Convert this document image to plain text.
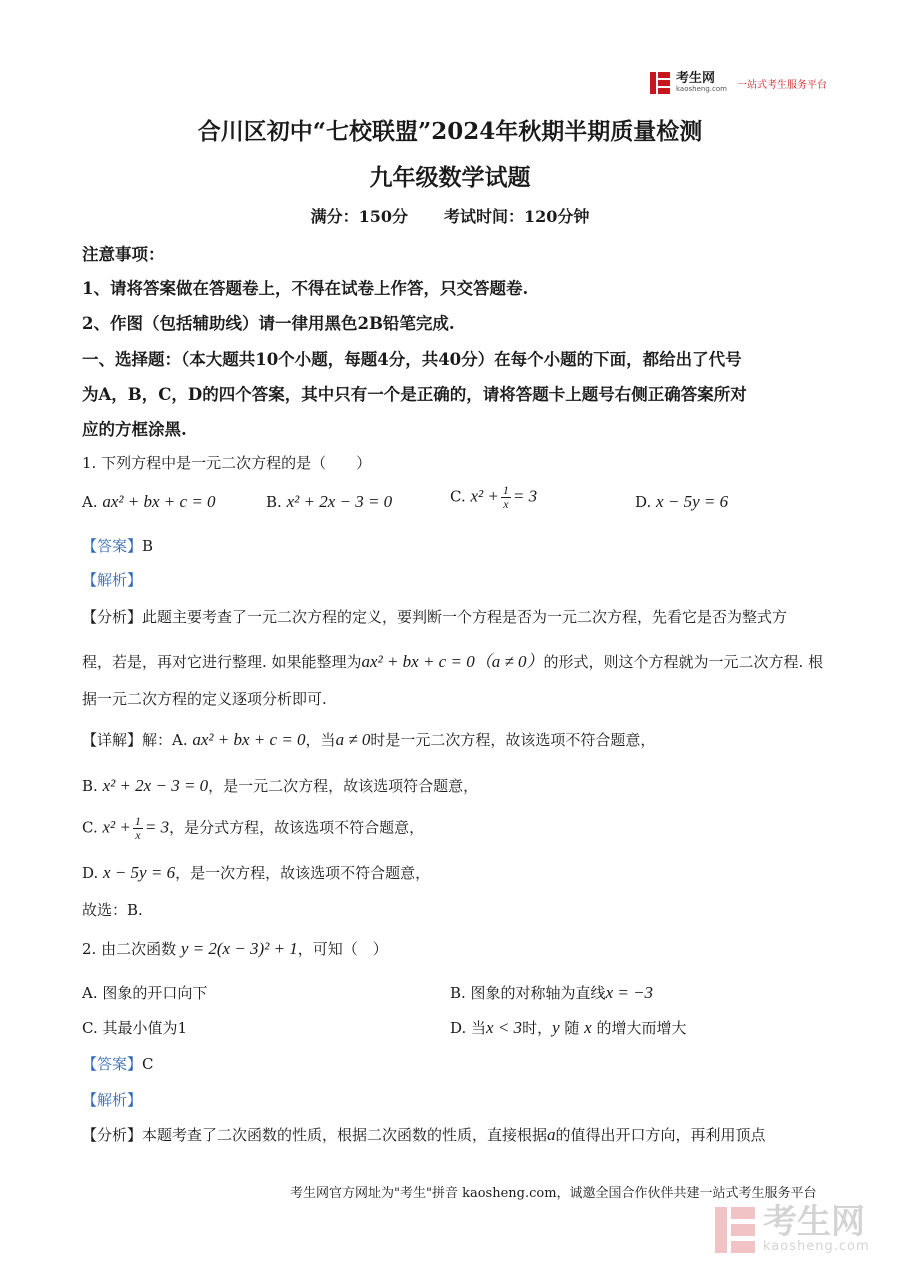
考生网
kaosheng.com 一站式考生服务平台
合川区初中“七校联盟”2024年秋期半期质量检测
九年级数学试题
满分：150分 考试时间：120分钟
注意事项：
1、请将答案做在答题卷上，不得在试卷上作答，只交答题卷.
2、作图（包括辅助线）请一律用黑色2B铅笔完成.
一、选择题：（本大题共10个小题，每题4分，共40分）在每个小题的下面，都给出了代号
为A，B，C，D的四个答案，其中只有一个是正确的，请将答题卡上题号右侧正确答案所对
应的方框涂黑.
1. 下列方程中是一元二次方程的是（　　）
A. ax² + bx + c = 0	B. x² + 2x − 3 = 0	C. $x^2 + \frac{1}{x} = 3$	D. x − 5y = 6
【答案】B
【解析】
【分析】此题主要考查了一元二次方程的定义，要判断一个方程是否为一元二次方程，先看它是否为整式方
程，若是，再对它进行整理. 如果能整理为ax² + bx + c = 0（a ≠ 0）的形式，则这个方程就为一元二次方程. 根
据一元二次方程的定义逐项分析即可.
【详解】解：A. ax² + bx + c = 0，当a ≠ 0时是一元二次方程，故该选项不符合题意，
B. x² + 2x − 3 = 0，是一元二次方程，故该选项符合题意，
C. $x^2 + \frac{1}{x} = 3$，是分式方程，故该选项不符合题意，
D. x − 5y = 6，是一次方程，故该选项不符合题意，
故选：B.
2. 由二次函数 y = 2(x − 3)² + 1，可知（　）
A. 图象的开口向下	B. 图象的对称轴为直线x = −3
C. 其最小值为1	D. 当x < 3时，y 随 x 的增大而增大
【答案】C
【解析】
【分析】本题考查了二次函数的性质，根据二次函数的性质，直接根据a的值得出开口方向，再利用顶点
考生网官方网址为"考生"拼音 kaosheng.com，诚邀全国合作伙伴共建一站式考生服务平台
考生网
kaosheng.com
